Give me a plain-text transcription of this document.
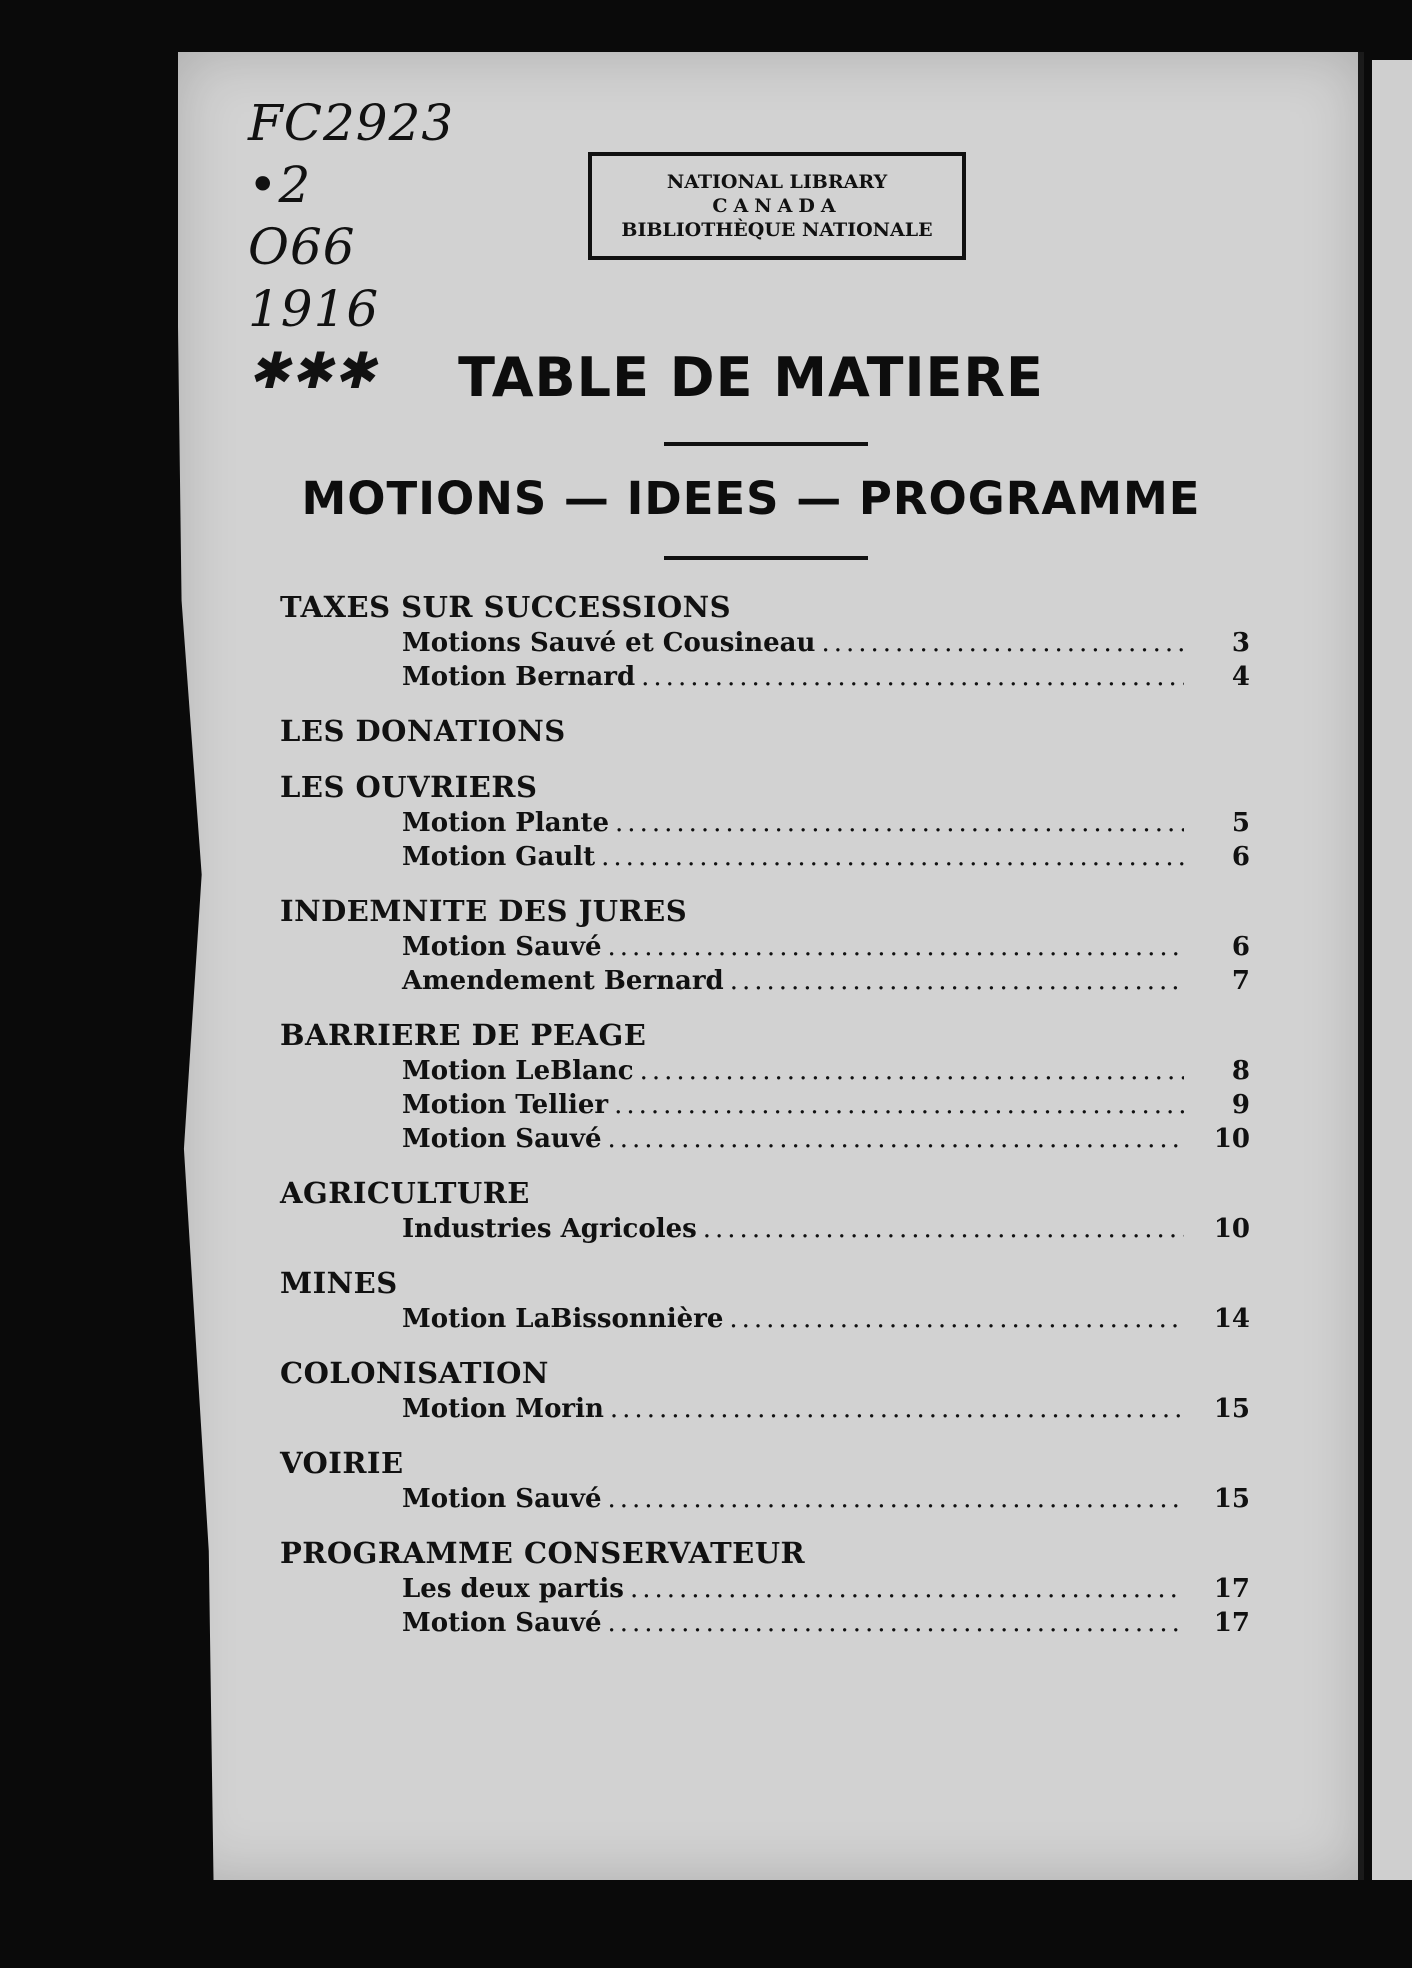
FC2923
•2
O66
1916
✱✱✱
NATIONAL LIBRARY
CANADA
BIBLIOTHÈQUE NATIONALE
TABLE DE MATIERE
MOTIONS — IDEES — PROGRAMME
TAXES SUR SUCCESSIONS
Motions Sauvé et Cousineau .....	3
Motion Bernard .....	4
LES DONATIONS
LES OUVRIERS
Motion Plante .....	5
Motion Gault .....	6
INDEMNITE DES JURES
Motion Sauvé .....	6
Amendement Bernard .....	7
BARRIERE DE PEAGE
Motion LeBlanc .....	8
Motion Tellier .....	9
Motion Sauvé .....	10
AGRICULTURE
Industries Agricoles .....	10
MINES
Motion LaBissonnière .....	14
COLONISATION
Motion Morin .....	15
VOIRIE
Motion Sauvé .....	15
PROGRAMME CONSERVATEUR
Les deux partis .....	17
Motion Sauvé .....	17
